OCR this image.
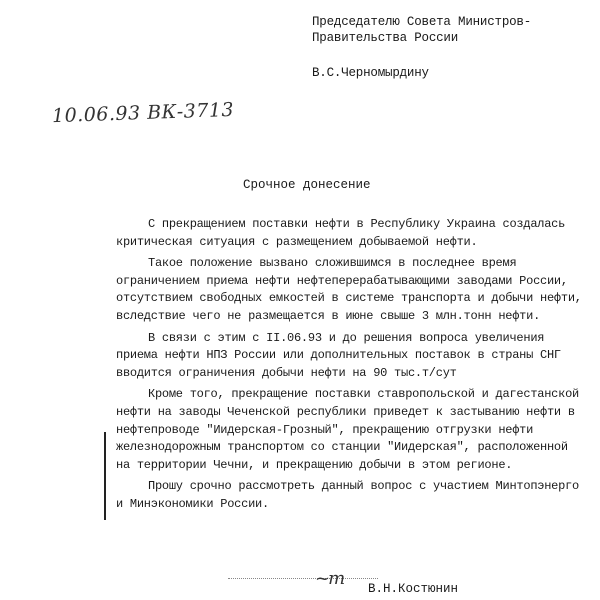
Председателю Совета Министров-
Правительства России
В.С.Черномырдину
10.06.93 ВК-3713
Срочное донесение

С прекращением поставки нефти в Республику Украина создалась критическая ситуация с размещением добываемой нефти.

Такое положение вызвано сложившимся в последнее время ограничением приема нефти нефтеперерабатывающими заводами России, отсутствием свободных емкостей в системе транспорта и добычи нефти, вследствие чего не размещается в июне свыше 3 млн.тонн нефти.

В связи с этим с II.06.93 и до решения вопроса увеличения приема нефти НПЗ России или дополнительных поставок в страны СНГ вводится ограничения добычи нефти на 90 тыс.т/сут

Кроме того, прекращение поставки ставропольской и дагестанской нефти на заводы Чеченской республики приведет к застыванию нефти в нефтепроводе "Иидерская-Грозный", прекращению отгрузки нефти железнодорожным транспортом со станции "Иидерская", расположенной на территории Чечни, и прекращению добычи в этом регионе.

Прошу срочно рассмотреть данный вопрос с участием Минтопэнерго и Минэкономики России.

~m В.Н.Костюнин
